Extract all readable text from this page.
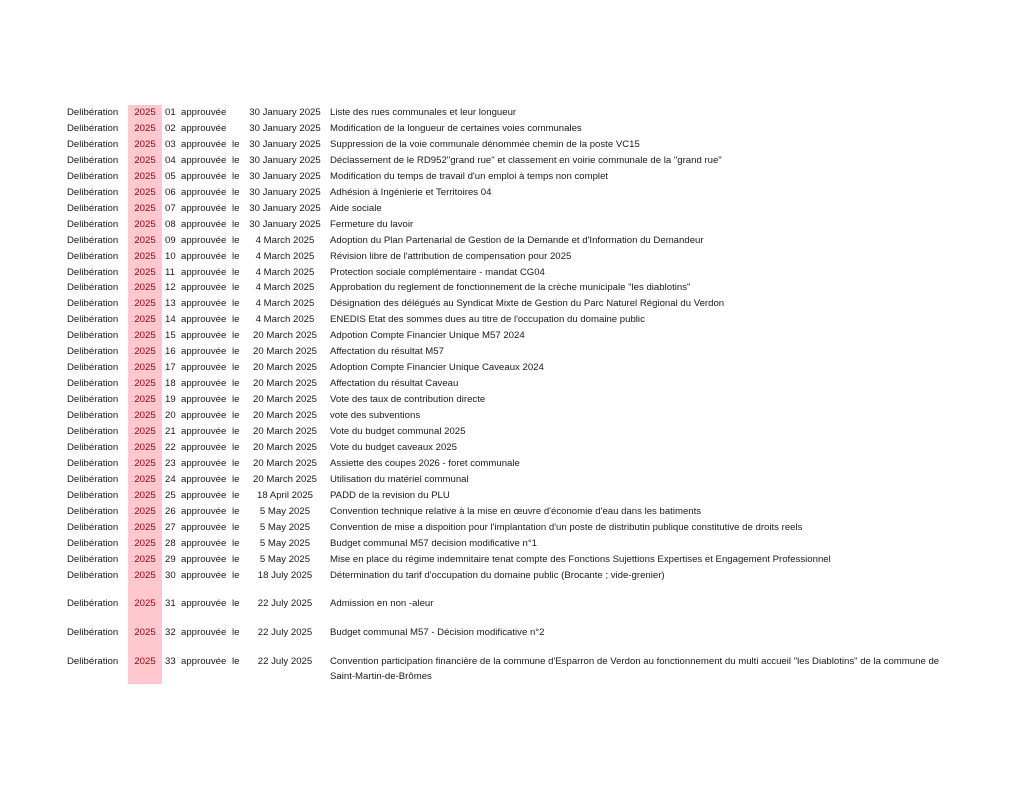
Delibération	2025 01 approuvée	30 January 2025 Liste des rues communales et leur longueur
Delibération	2025 02 approuvée	30 January 2025 Modification de la longueur de certaines voies communales
Delibération	2025 03 approuvée le	30 January 2025 Suppression de la voie communale dénommée chemin de la poste VC15
Delibération	2025 04 approuvée le	30 January 2025 Déclassement de le RD952"grand rue" et classement en voirie communale de la "grand rue"
Delibération	2025 05 approuvée le	30 January 2025 Modification du temps de travail d'un emploi à temps non complet
Delibération	2025 06 approuvée le	30 January 2025 Adhésion à Ingénierie et Territoires 04
Delibération	2025 07 approuvée le	30 January 2025 Aide sociale
Delibération	2025 08 approuvée le	30 January 2025 Fermeture du lavoir
Delibération	2025 09 approuvée le	4 March 2025	Adoption du Plan Partenarial de Gestion de la Demande et d'Information du Demandeur
Delibération	2025 10 approuvée le	4 March 2025	Révision libre de l'attribution de compensation pour 2025
Delibération	2025 11 approuvée le	4 March 2025	Protection sociale complémentaire - mandat CG04
Delibération	2025 12 approuvée le	4 March 2025	Approbation du reglement de fonctionnement de la crèche municipale "les diablotins"
Delibération	2025 13 approuvée le	4 March 2025	Désignation des délégués au Syndicat Mixte de Gestion du Parc Naturel Régional du Verdon
Delibération	2025 14 approuvée le	4 March 2025	ENEDIS Etat des sommes dues au titre de l'occupation du domaine public
Delibération	2025 15 approuvée le	20 March 2025	Adpotion Compte Financier Unique M57 2024
Delibération	2025 16 approuvée le	20 March 2025	Affectation du résultat M57
Delibération	2025 17 approuvée le	20 March 2025	Adoption Compte Financier Unique Caveaux 2024
Delibération	2025 18 approuvée le	20 March 2025	Affectation du résultat Caveau
Delibération	2025 19 approuvée le	20 March 2025	Vote des taux de contribution directe
Delibération	2025 20 approuvée le	20 March 2025	vote des subventions
Delibération	2025 21 approuvée le	20 March 2025	Vote du budget communal 2025
Delibération	2025 22 approuvée le	20 March 2025	Vote du budget caveaux 2025
Delibération	2025 23 approuvée le	20 March 2025	Assiette des coupes 2026 - foret communale
Delibération	2025 24 approuvée le	20 March 2025	Utilisation du matériel communal
Delibération	2025 25 approuvée le	18 April 2025	PADD de la revision du PLU
Delibération	2025 26 approuvée le	5 May 2025	Convention technique relative à la mise en œuvre d'économie d'eau dans les batiments
Delibération	2025 27 approuvée le	5 May 2025	Convention de mise a dispoition pour l'implantation d'un poste de distributin publique constitutive de droits reels
Delibération	2025 28 approuvée le	5 May 2025	Budget communal M57 decision modificative n°1
Delibération	2025 29 approuvée le	5 May 2025	Mise en place du régime indemnitaire tenat compte des Fonctions Sujettions Expertises et Engagement Professionnel
Delibération	2025 30 approuvée le	18 July 2025	Détermination du tarif d'occupation du domaine public (Brocante ; vide-grenier)
Delibération	2025 31 approuvée le	22 July 2025	Admission en non -aleur
Delibération	2025 32 approuvée le	22 July 2025	Budget communal M57 - Décision modificative n°2
Delibération	2025 33 approuvée le	22 July 2025	Convention participation financière de la commune d'Esparron de Verdon au fonctionnement du multi accueil "les Diablotins" de la commune de Saint-Martin-de-Brômes
